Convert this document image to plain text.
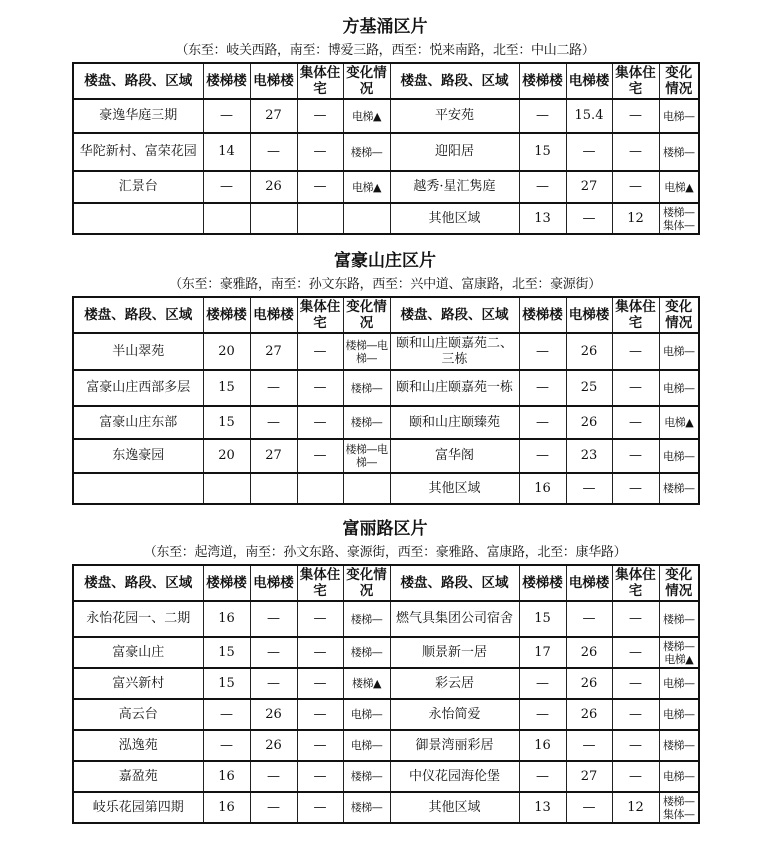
方基涌区片
（东至：岐关西路，南至：博爱三路，西至：悦来南路，北至：中山二路）
楼盘、路段、区域	楼梯楼	电梯楼	集体住宅	变化情况	楼盘、路段、区域	楼梯楼	电梯楼	集体住宅	变化情况
豪逸华庭三期	—	27	—	电梯▲	平安苑	—	15.4	—	电梯—
华陀新村、富荣花园	14	—	—	楼梯—	迎阳居	15	—	—	楼梯—
汇景台	—	26	—	电梯▲	越秀·星汇隽庭	—	27	—	电梯▲
					其他区域	13	—	12	楼梯—集体—
富豪山庄区片
（东至：豪雅路，南至：孙文东路，西至：兴中道、富康路，北至：豪源街）
楼盘、路段、区域	楼梯楼	电梯楼	集体住宅	变化情况	楼盘、路段、区域	楼梯楼	电梯楼	集体住宅	变化情况
半山翠苑	20	27	—	楼梯—电梯—	颐和山庄颐嘉苑二、三栋	—	26	—	电梯—
富豪山庄西部多层	15	—	—	楼梯—	颐和山庄颐嘉苑一栋	—	25	—	电梯—
富豪山庄东部	15	—	—	楼梯—	颐和山庄颐臻苑	—	26	—	电梯▲
东逸豪园	20	27	—	楼梯—电梯—	富华阁	—	23	—	电梯—
					其他区域	16	—	—	楼梯—
富丽路区片
（东至：起湾道，南至：孙文东路、豪源街，西至：豪雅路、富康路，北至：康华路）
楼盘、路段、区域	楼梯楼	电梯楼	集体住宅	变化情况	楼盘、路段、区域	楼梯楼	电梯楼	集体住宅	变化情况
永怡花园一、二期	16	—	—	楼梯—	燃气具集团公司宿舍	15	—	—	楼梯—
富豪山庄	15	—	—	楼梯—	顺景新一居	17	26	—	楼梯—电梯▲
富兴新村	15	—	—	楼梯▲	彩云居	—	26	—	电梯—
高云台	—	26	—	电梯—	永怡简爱	—	26	—	电梯—
泓逸苑	—	26	—	电梯—	御景湾丽彩居	16	—	—	楼梯—
嘉盈苑	16	—	—	楼梯—	中仪花园海伦堡	—	27	—	电梯—
岐乐花园第四期	16	—	—	楼梯—	其他区域	13	—	12	楼梯—集体—
